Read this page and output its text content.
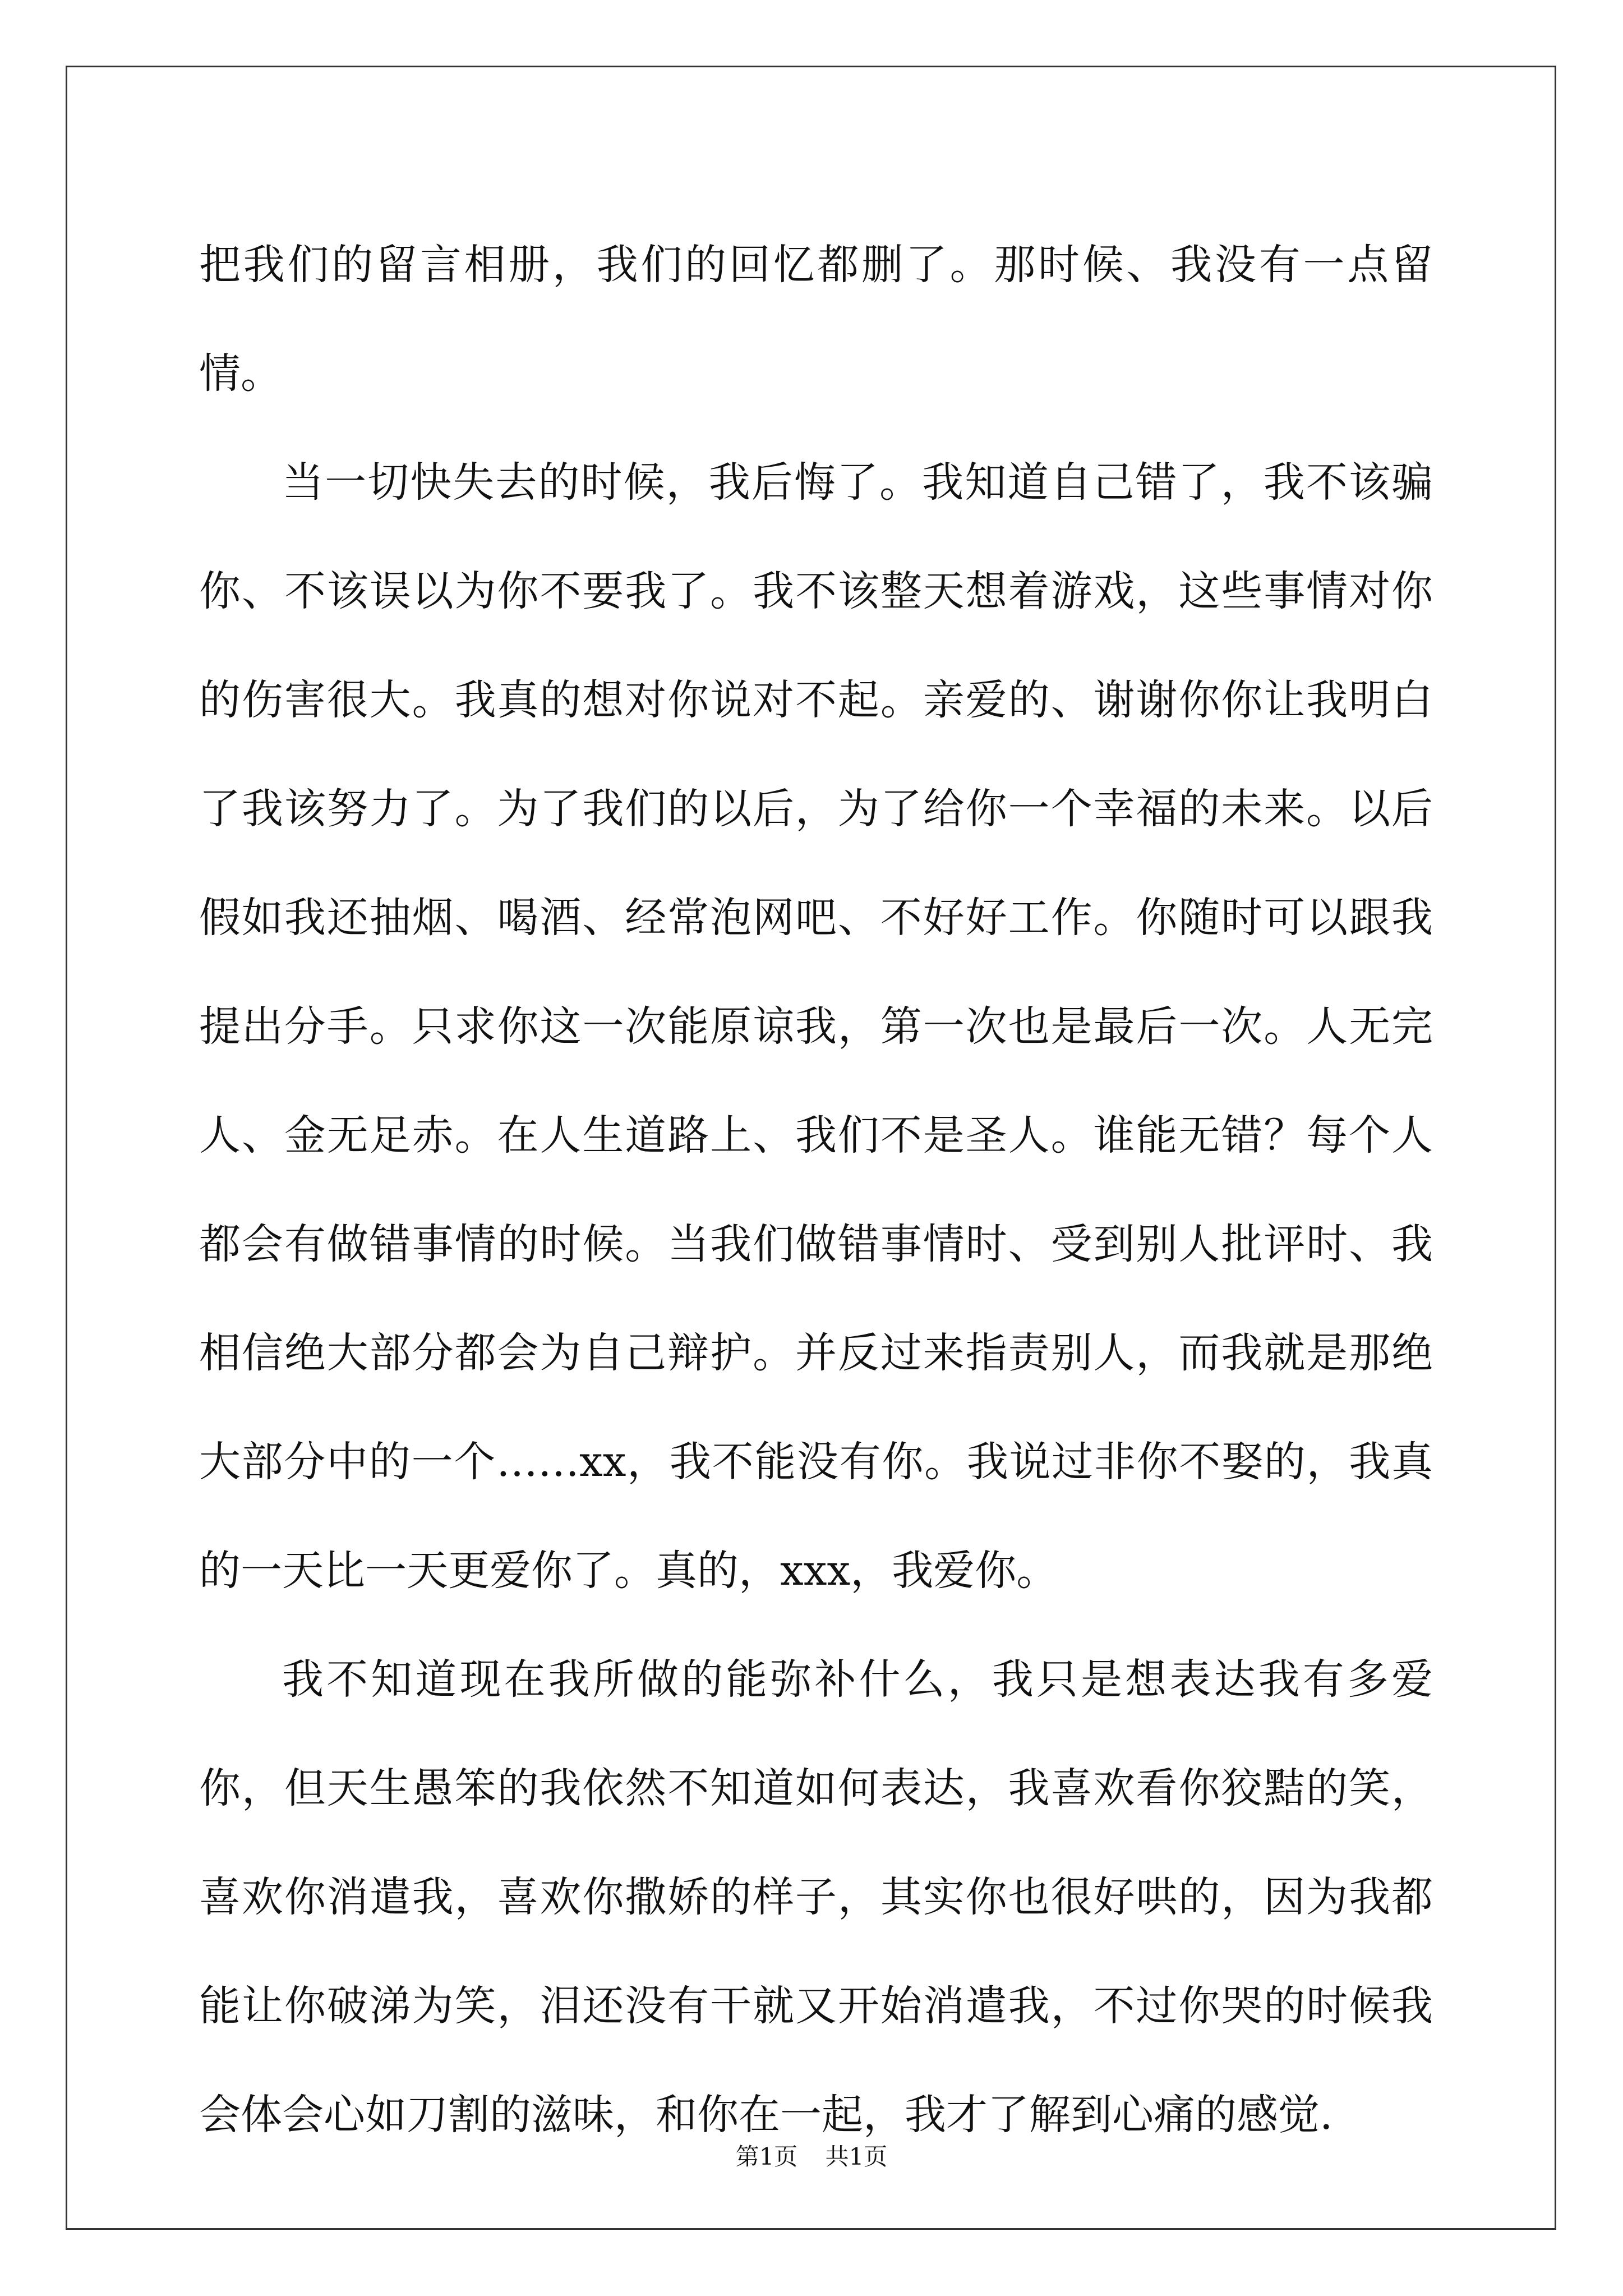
把我们的留言相册，我们的回忆都删了。那时候、我没有一点留情。

当一切快失去的时候，我后悔了。我知道自己错了，我不该骗你、不该误以为你不要我了。我不该整天想着游戏，这些事情对你的伤害很大。我真的想对你说对不起。亲爱的、谢谢你你让我明白了我该努力了。为了我们的以后，为了给你一个幸福的未来。以后假如我还抽烟、喝酒、经常泡网吧、不好好工作。你随时可以跟我提出分手。只求你这一次能原谅我，第一次也是最后一次。人无完人、金无足赤。在人生道路上、我们不是圣人。谁能无错？每个人都会有做错事情的时候。当我们做错事情时、受到别人批评时、我相信绝大部分都会为自己辩护。并反过来指责别人，而我就是那绝大部分中的一个……xx，我不能没有你。我说过非你不娶的，我真的一天比一天更爱你了。真的，xxx，我爱你。

我不知道现在我所做的能弥补什么，我只是想表达我有多爱你，但天生愚笨的我依然不知道如何表达，我喜欢看你狡黠的笑，喜欢你消遣我，喜欢你撒娇的样子，其实你也很好哄的，因为我都能让你破涕为笑，泪还没有干就又开始消遣我，不过你哭的时候我会体会心如刀割的滋味，和你在一起，我才了解到心痛的感觉.

第1页 共1页
